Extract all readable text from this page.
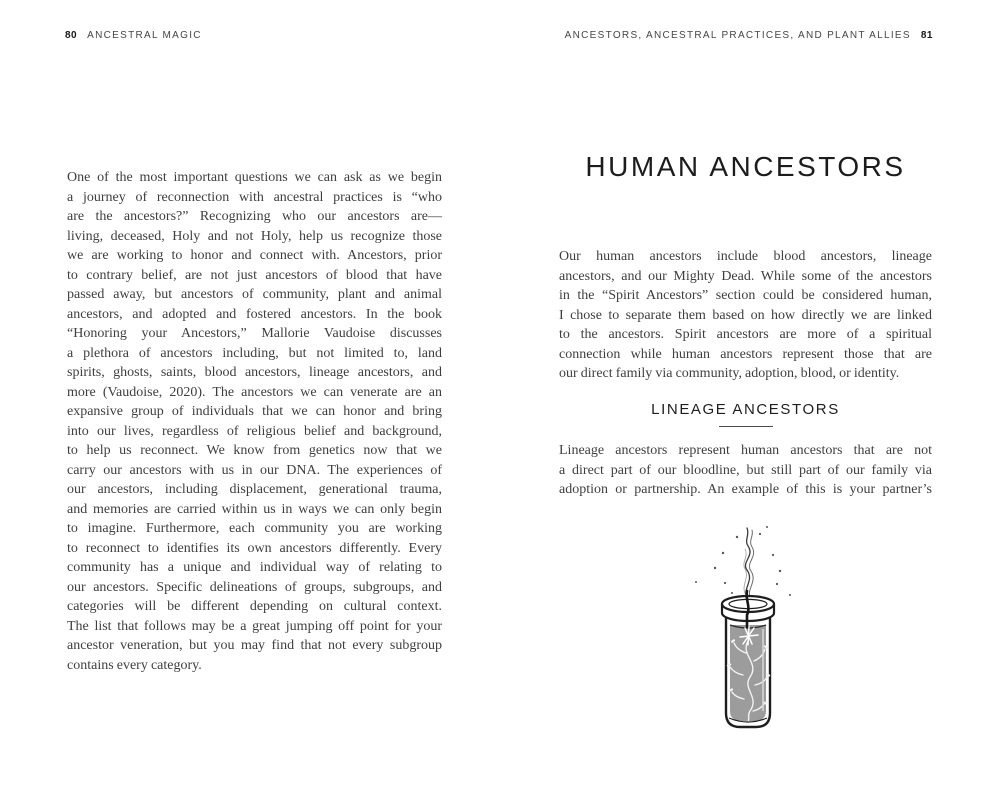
80 ANCESTRAL MAGIC	ANCESTORS, ANCESTRAL PRACTICES, AND PLANT ALLIES 81
One of the most important questions we can ask as we begin
a journey of reconnection with ancestral practices is “who
are the ancestors?” Recognizing who our ancestors are—
living, deceased, Holy and not Holy, help us recognize those
we are working to honor and connect with. Ancestors, prior
to contrary belief, are not just ancestors of blood that have
passed away, but ancestors of community, plant and animal
ancestors, and adopted and fostered ancestors. In the book
“Honoring your Ancestors,” Mallorie Vaudoise discusses
a plethora of ancestors including, but not limited to, land
spirits, ghosts, saints, blood ancestors, lineage ancestors, and
more (Vaudoise, 2020). The ancestors we can venerate are an
expansive group of individuals that we can honor and bring
into our lives, regardless of religious belief and background,
to help us reconnect. We know from genetics now that we
carry our ancestors with us in our DNA. The experiences of
our ancestors, including displacement, generational trauma,
and memories are carried within us in ways we can only begin
to imagine. Furthermore, each community you are working
to reconnect to identifies its own ancestors differently. Every
community has a unique and individual way of relating to
our ancestors. Specific delineations of groups, subgroups, and
categories will be different depending on cultural context.
The list that follows may be a great jumping off point for your
ancestor veneration, but you may find that not every subgroup
contains every category.
HUMAN ANCESTORS
Our human ancestors include blood ancestors, lineage
ancestors, and our Mighty Dead. While some of the ancestors
in the “Spirit Ancestors” section could be considered human,
I chose to separate them based on how directly we are linked
to the ancestors. Spirit ancestors are more of a spiritual
connection while human ancestors represent those that are
our direct family via community, adoption, blood, or identity.
LINEAGE ANCESTORS
Lineage ancestors represent human ancestors that are not
a direct part of our bloodline, but still part of our family via
adoption or partnership. An example of this is your partner’s
